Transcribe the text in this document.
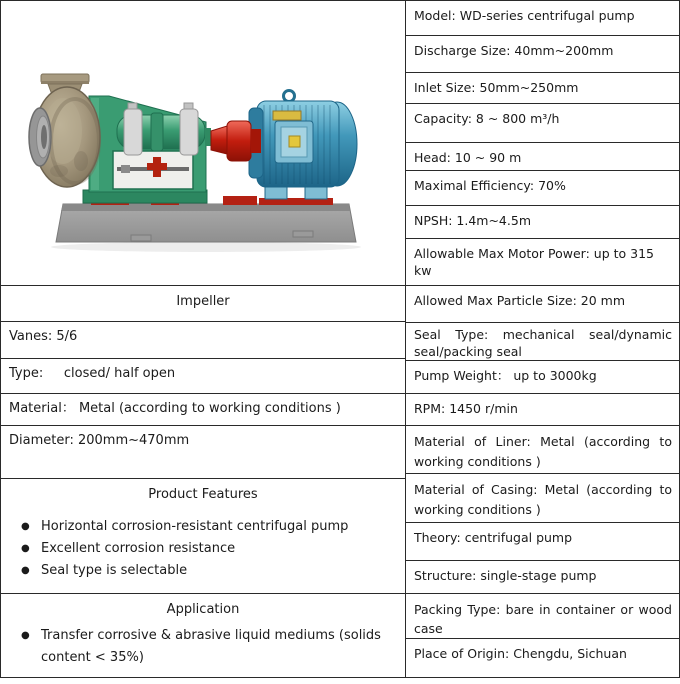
Impeller
Vanes: 5/6
Type:     closed/ half open
Material： Metal (according to working conditions )
Diameter: 200mm~470mm
Product Features
● Horizontal corrosion-resistant centrifugal pump
● Excellent corrosion resistance
● Seal type is selectable
Application
● Transfer corrosive & abrasive liquid mediums (solids content < 35%)
Model: WD-series centrifugal pump
Discharge Size: 40mm~200mm
Inlet Size: 50mm~250mm
Capacity: 8 ~ 800 m³/h
Head: 10 ~ 90 m
Maximal Efficiency: 70%
NPSH: 1.4m~4.5m
Allowable Max Motor Power: up to 315 kw
Allowed Max Particle Size: 20 mm
Seal Type: mechanical seal/dynamic seal/packing seal
Pump Weight： up to 3000kg
RPM: 1450 r/min
Material of Liner: Metal (according to working conditions )
Material of Casing: Metal (according to working conditions )
Theory: centrifugal pump
Structure: single-stage pump
Packing Type: bare in container or wood case
Place of Origin: Chengdu, Sichuan
